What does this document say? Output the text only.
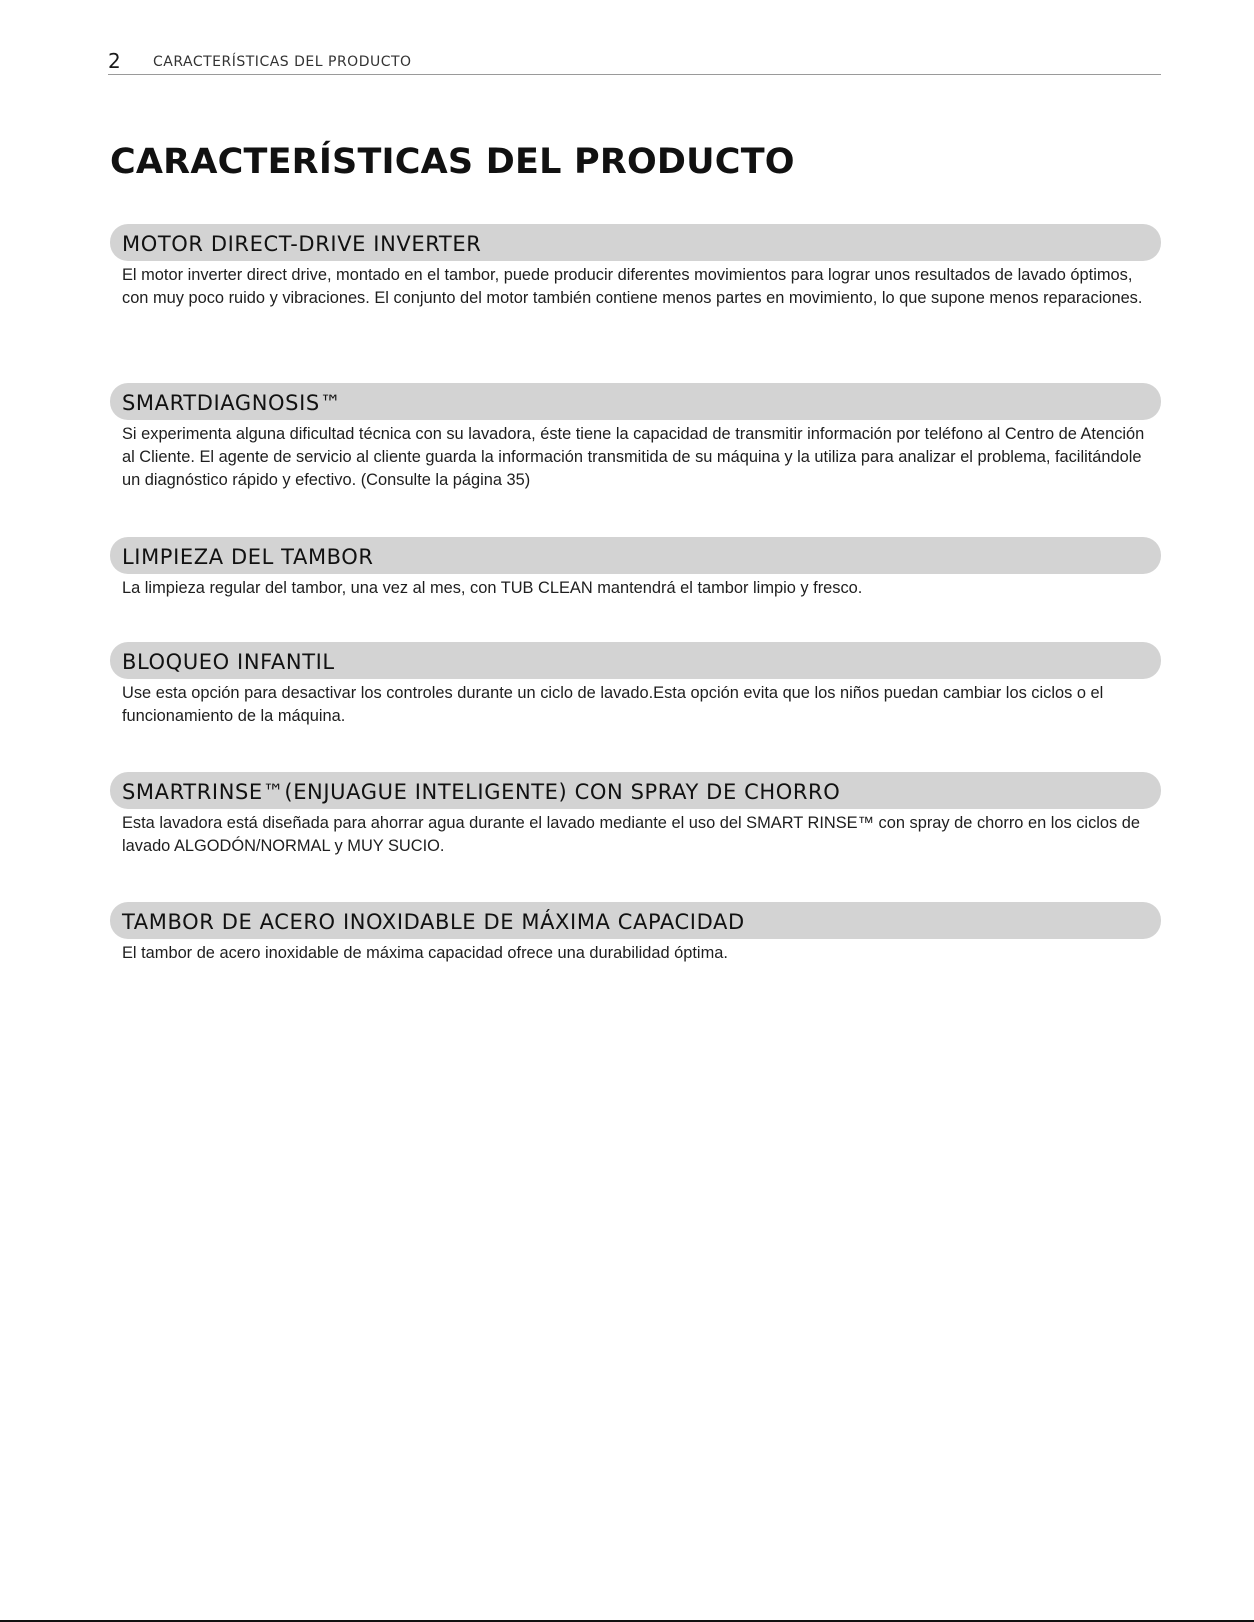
2 CARACTERÍSTICAS DEL PRODUCTO
CARACTERÍSTICAS DEL PRODUCTO
MOTOR DIRECT-DRIVE INVERTER

El motor inverter direct drive, montado en el tambor, puede producir diferentes movimientos para lograr unos resultados de lavado óptimos, con muy poco ruido y vibraciones. El conjunto del motor también contiene menos partes en movimiento, lo que supone menos reparaciones.

SMARTDIAGNOSIS™

Si experimenta alguna dificultad técnica con su lavadora, éste tiene la capacidad de transmitir información por teléfono al Centro de Atención al Cliente. El agente de servicio al cliente guarda la información transmitida de su máquina y la utiliza para analizar el problema, facilitándole un diagnóstico rápido y efectivo. (Consulte la página 35)

LIMPIEZA DEL TAMBOR

La limpieza regular del tambor, una vez al mes, con TUB CLEAN mantendrá el tambor limpio y fresco.

BLOQUEO INFANTIL

Use esta opción para desactivar los controles durante un ciclo de lavado.Esta opción evita que los niños puedan cambiar los ciclos o el funcionamiento de la máquina.

SMARTRINSE™(ENJUAGUE INTELIGENTE) CON SPRAY DE CHORRO

Esta lavadora está diseñada para ahorrar agua durante el lavado mediante el uso del SMART RINSE™ con spray de chorro en los ciclos de lavado ALGODÓN/NORMAL y MUY SUCIO.

TAMBOR DE ACERO INOXIDABLE DE MÁXIMA CAPACIDAD

El tambor de acero inoxidable de máxima capacidad ofrece una durabilidad óptima.
